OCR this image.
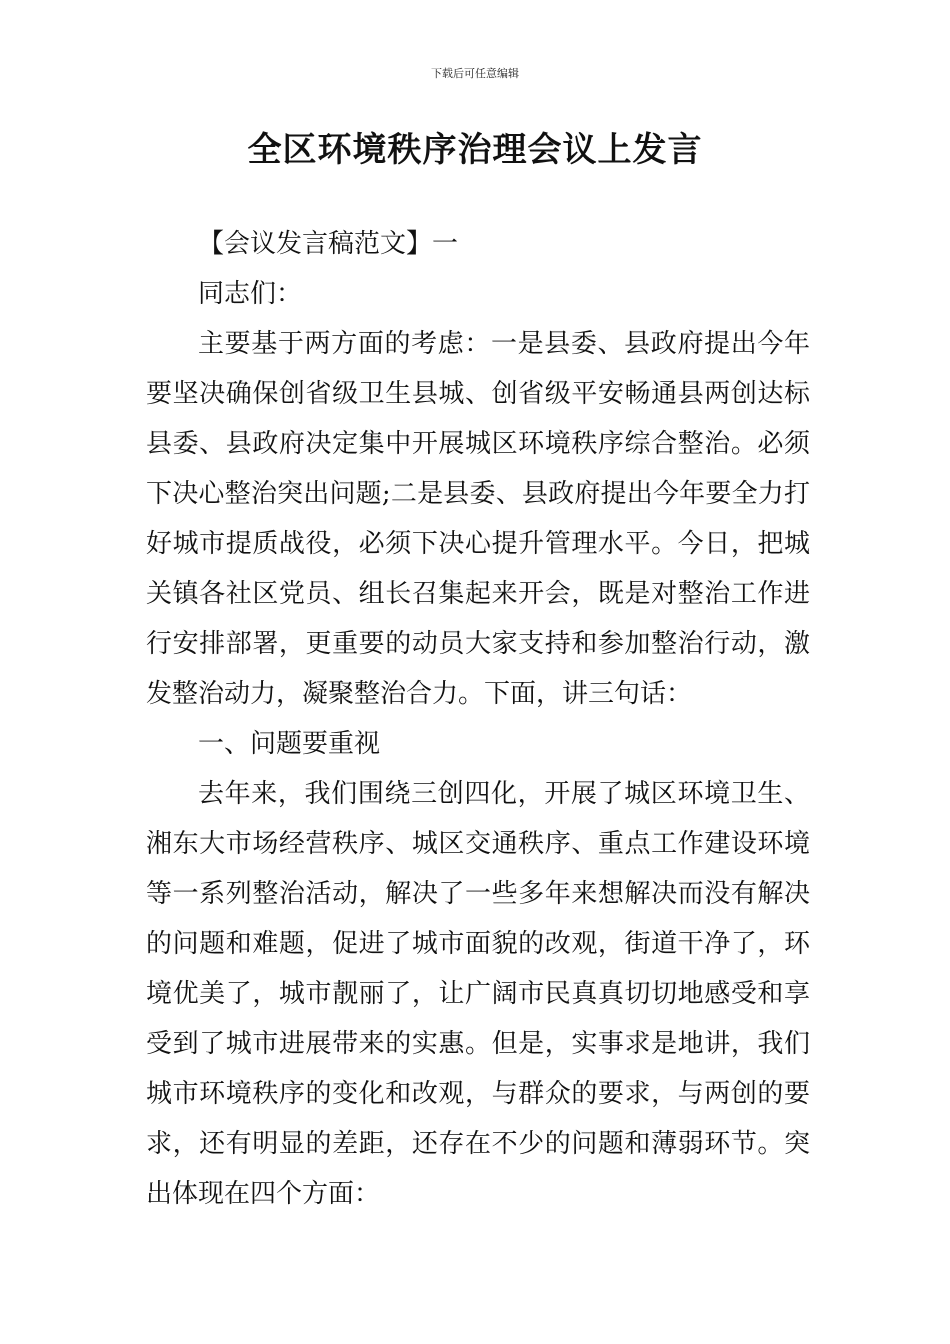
下载后可任意编辑
全区环境秩序治理会议上发言

【会议发言稿范文】一

同志们：

主要基于两方面的考虑：一是县委、县政府提出今年要坚决确保创省级卫生县城、创省级平安畅通县两创达标县委、县政府决定集中开展城区环境秩序综合整治。必须下决心整治突出问题;二是县委、县政府提出今年要全力打好城市提质战役，必须下决心提升管理水平。今日，把城关镇各社区党员、组长召集起来开会，既是对整治工作进行安排部署，更重要的动员大家支持和参加整治行动，激发整治动力，凝聚整治合力。下面，讲三句话：

一、问题要重视

去年来，我们围绕三创四化，开展了城区环境卫生、湘东大市场经营秩序、城区交通秩序、重点工作建设环境等一系列整治活动，解决了一些多年来想解决而没有解决的问题和难题，促进了城市面貌的改观，街道干净了，环境优美了，城市靓丽了，让广阔市民真真切切地感受和享受到了城市进展带来的实惠。但是，实事求是地讲，我们城市环境秩序的变化和改观，与群众的要求，与两创的要求，还有明显的差距，还存在不少的问题和薄弱环节。突出体现在四个方面：
